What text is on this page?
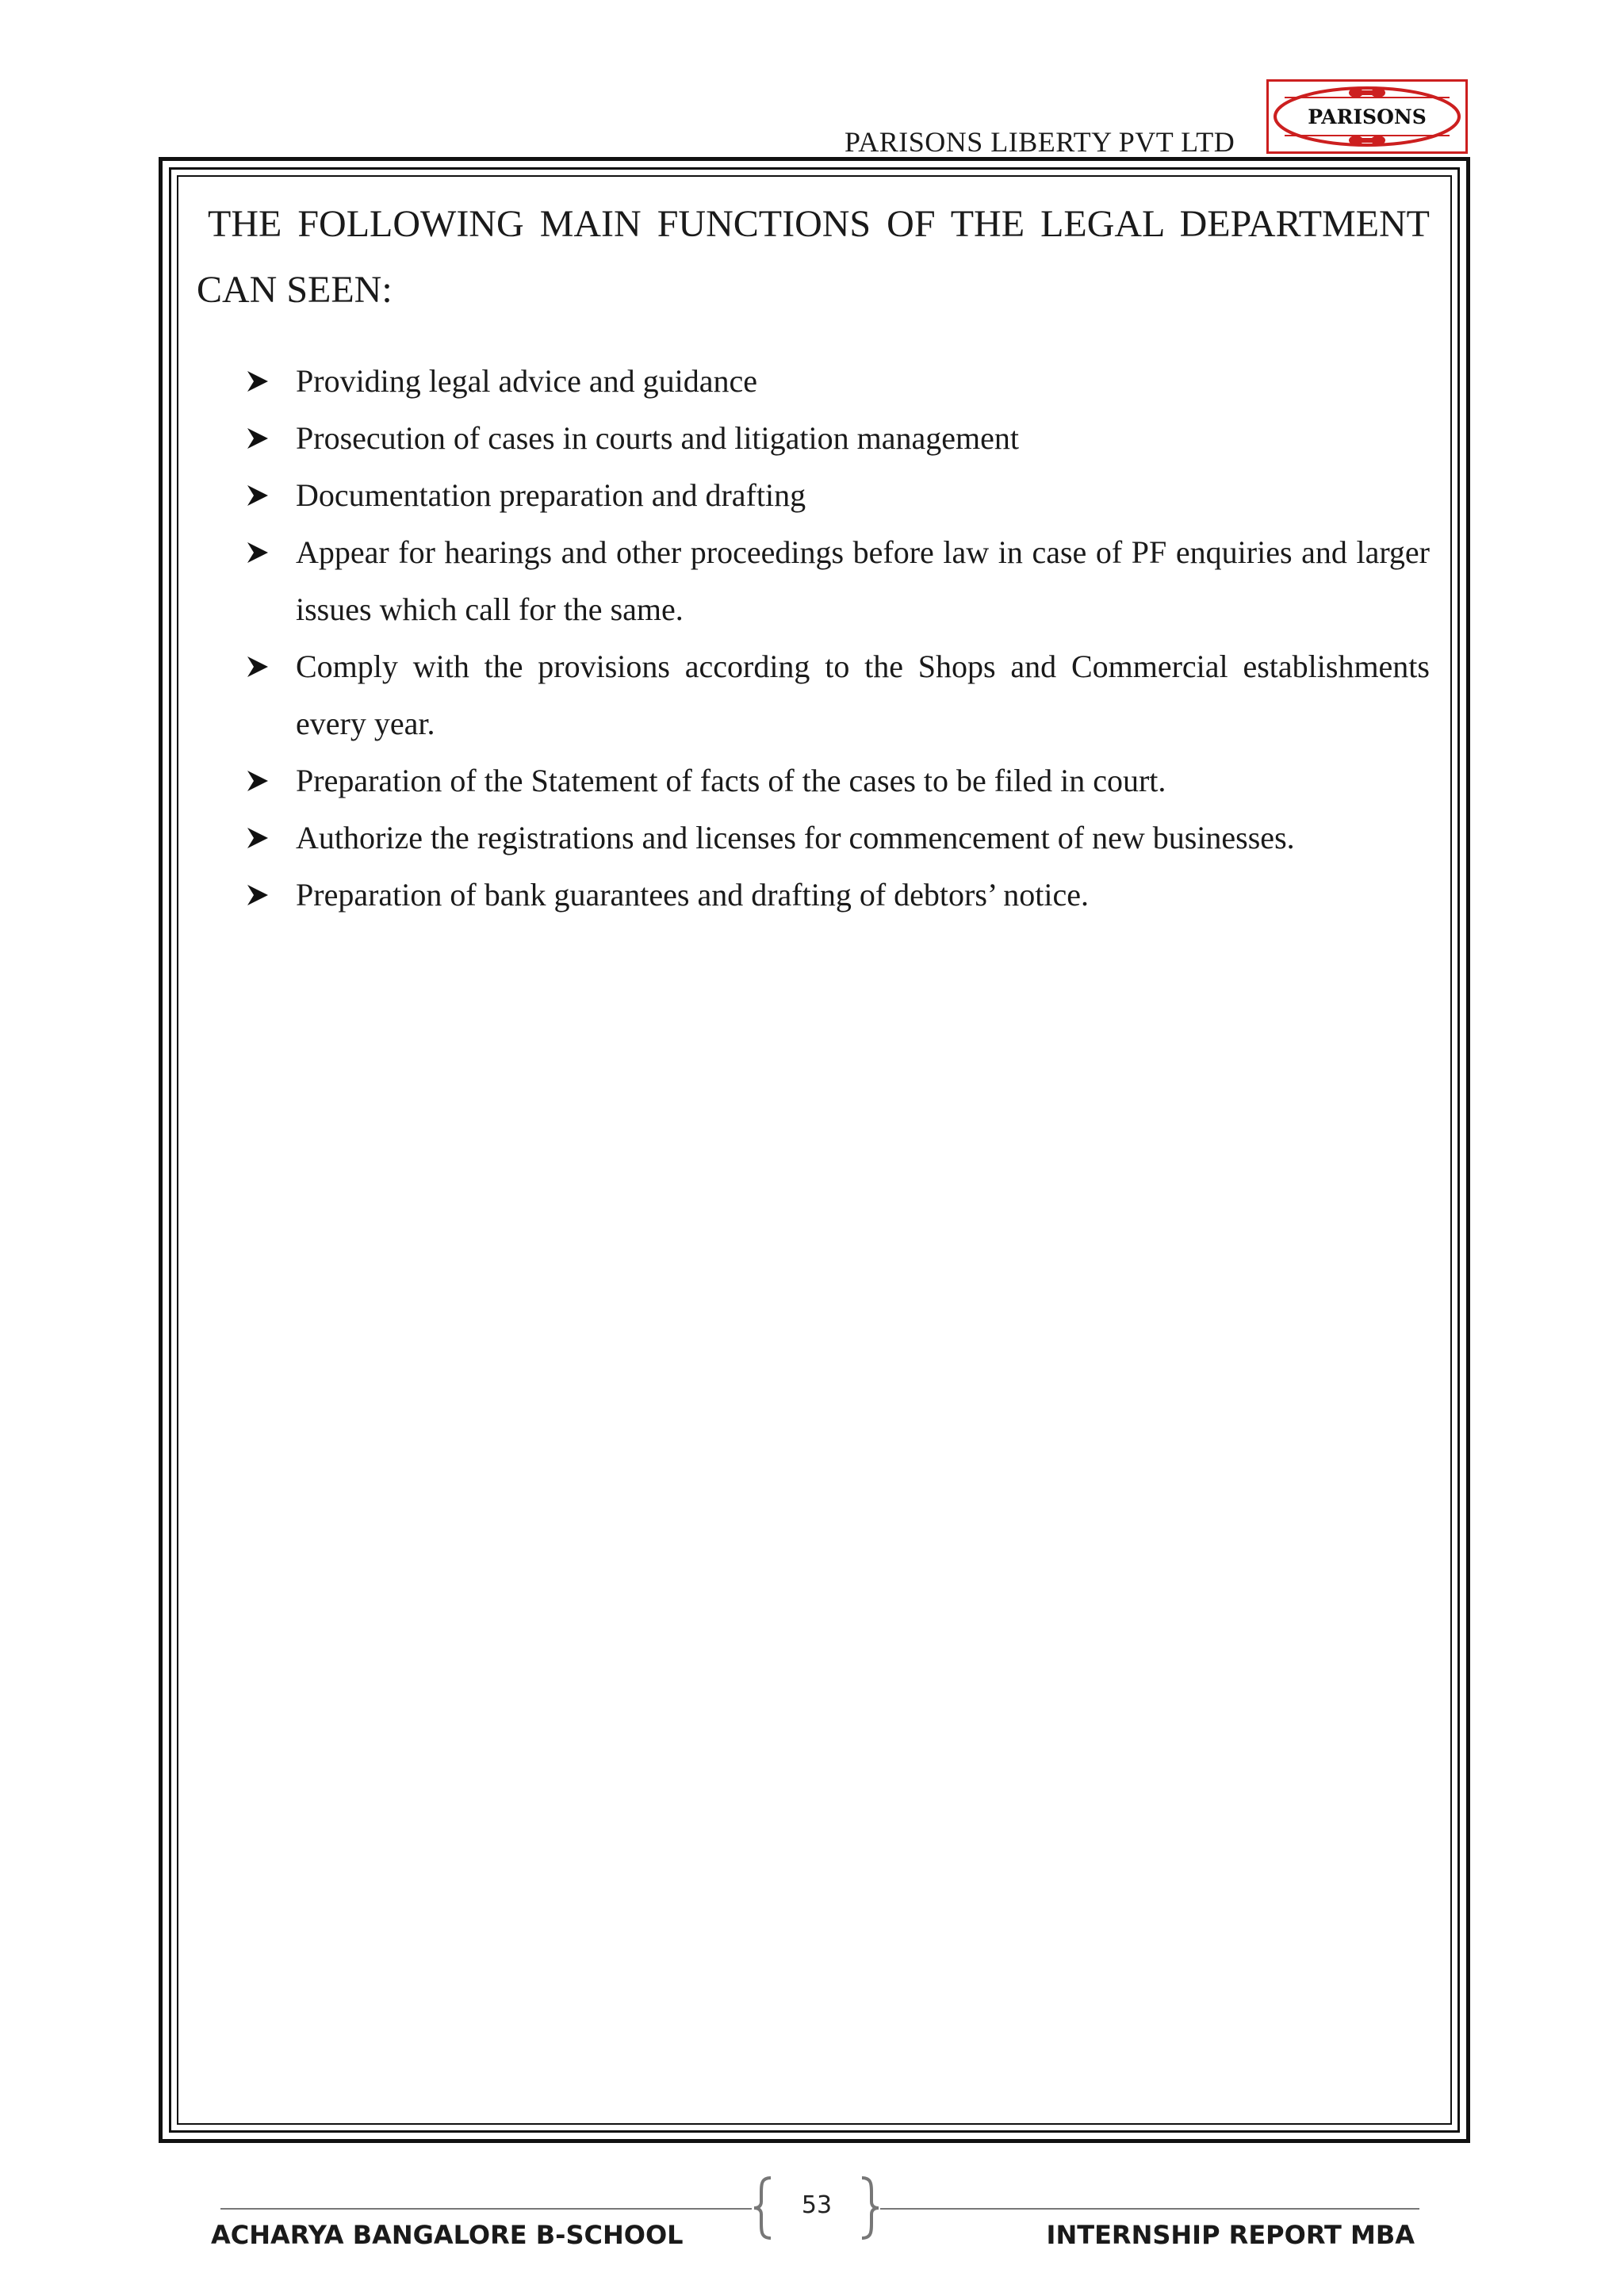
PARISONS LIBERTY PVT LTD
PARISONS
THE FOLLOWING MAIN FUNCTIONS OF THE LEGAL DEPARTMENT CAN SEEN:
Providing legal advice and guidance
Prosecution of cases in courts and litigation management
Documentation preparation and drafting
Appear for hearings and other proceedings before law in case of PF enquiries and larger issues which call for the same.
Comply with the provisions according to the Shops and Commercial establishments every year.
Preparation of the Statement of facts of the cases to be filed in court.
Authorize the registrations and licenses for commencement of new businesses.
Preparation of bank guarantees and drafting of debtors’ notice.
53
ACHARYA BANGALORE B-SCHOOL	INTERNSHIP REPORT MBA
